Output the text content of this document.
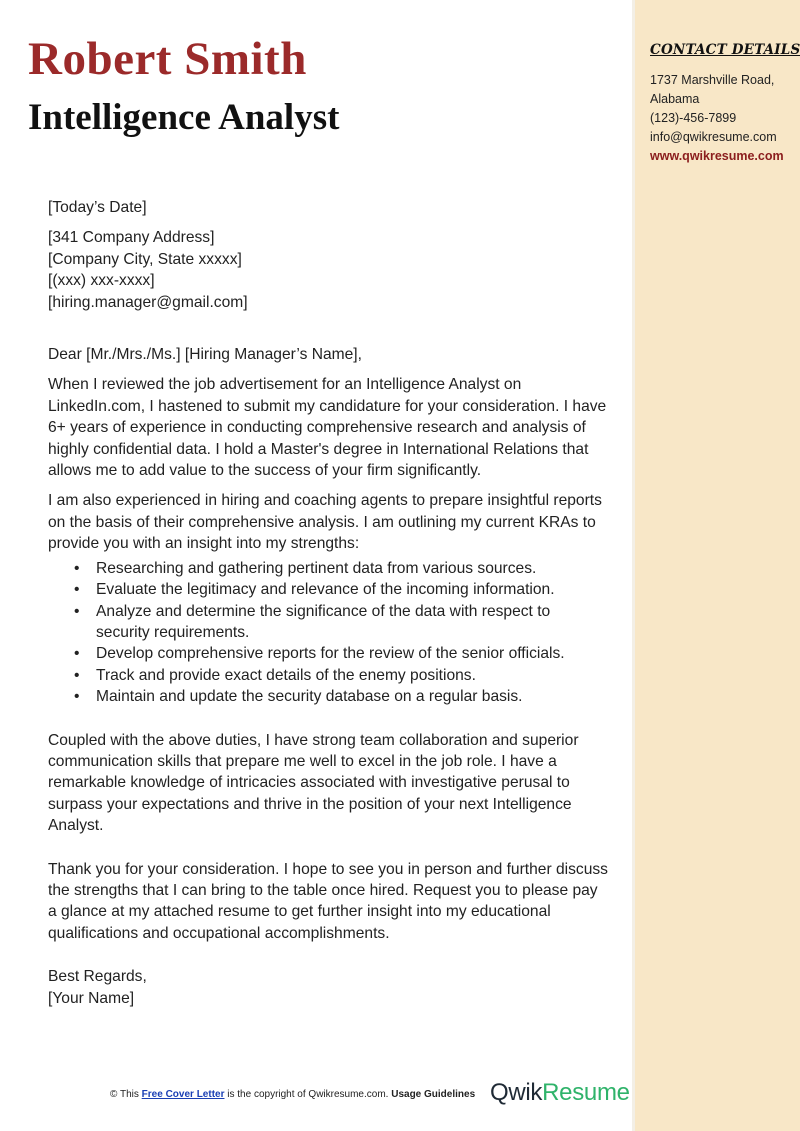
CONTACT DETAILS
1737 Marshville Road,
Alabama
(123)-456-7899
info@qwikresume.com
www.qwikresume.com
Robert Smith
Intelligence Analyst

[Today’s Date]

[341 Company Address]

[Company City, State xxxxx]

[(xxx) xxx-xxxx]

[hiring.manager@gmail.com]

Dear [Mr./Mrs./Ms.] [Hiring Manager’s Name],

When I reviewed the job advertisement for an Intelligence Analyst on LinkedIn.com, I hastened to submit my candidature for your consideration. I have 6+ years of experience in conducting comprehensive research and analysis of highly confidential data. I hold a Master's degree in International Relations that allows me to add value to the success of your firm significantly.

I am also experienced in hiring and coaching agents to prepare insightful reports on the basis of their comprehensive analysis. I am outlining my current KRAs to provide you with an insight into my strengths:

• Researching and gathering pertinent data from various sources.
• Evaluate the legitimacy and relevance of the incoming information.
• Analyze and determine the significance of the data with respect to security requirements.
• Develop comprehensive reports for the review of the senior officials.
• Track and provide exact details of the enemy positions.
• Maintain and update the security database on a regular basis.

Coupled with the above duties, I have strong team collaboration and superior communication skills that prepare me well to excel in the job role. I have a remarkable knowledge of intricacies associated with investigative perusal to surpass your expectations and thrive in the position of your next Intelligence Analyst.

Thank you for your consideration. I hope to see you in person and further discuss the strengths that I can bring to the table once hired. Request you to please pay a glance at my attached resume to get further insight into my educational qualifications and occupational accomplishments.

Best Regards,

[Your Name]

© This Free Cover Letter is the copyright of Qwikresume.com. Usage Guidelines QwikResume
